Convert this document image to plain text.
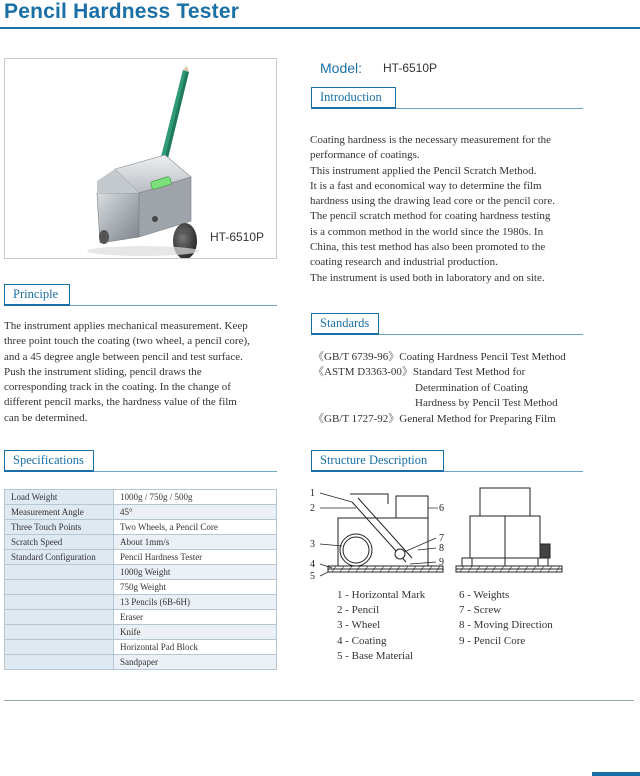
Pencil Hardness Tester
HT-6510P
Model: HT-6510P
Introduction

Coating hardness is the necessary measurement for the

performance of coatings.

This instrument applied the Pencil Scratch Method.

It is a fast and economical way to determine the film

hardness using the drawing lead core or the pencil core.

The pencil scratch method for coating hardness testing

is a common method in the world since the 1980s. In

China, this test method has also been promoted to the

coating research and industrial production.

The instrument is used both in laboratory and on site.

Principle

The instrument applies mechanical measurement. Keep

three point touch the coating (two wheel, a pencil core),

and a 45 degree angle between pencil and test surface.

Push the instrument sliding, pencil draws the

corresponding track in the coating. In the change of

different pencil marks, the hardness value of the film

can be determined.

Standards
《GB/T 6739-96》Coating Hardness Pencil Test Method
《ASTM D3363-00》Standard Test Method for
Determination of Coating
Hardness by Pencil Test Method
《GB/T 1727-92》General Method for Preparing Film
Specifications
Load Weight	1000g / 750g / 500g
Measurement Angle	45°
Three Touch Points	Two Wheels, a Pencil Core
Scratch Speed	About 1mm/s
Standard Configuration	Pencil Hardness Tester
	1000g Weight
	750g Weight
	13 Pencils (6B-6H)
	Eraser
	Knife
	Horizontal Pad Block
	Sandpaper
Structure Description
1
2
3
4
5
6
7
8
9
1 - Horizontal Mark
2 - Pencil
3 - Wheel
4 - Coating
5 - Base Material
6 - Weights
7 - Screw
8 - Moving Direction
9 - Pencil Core
